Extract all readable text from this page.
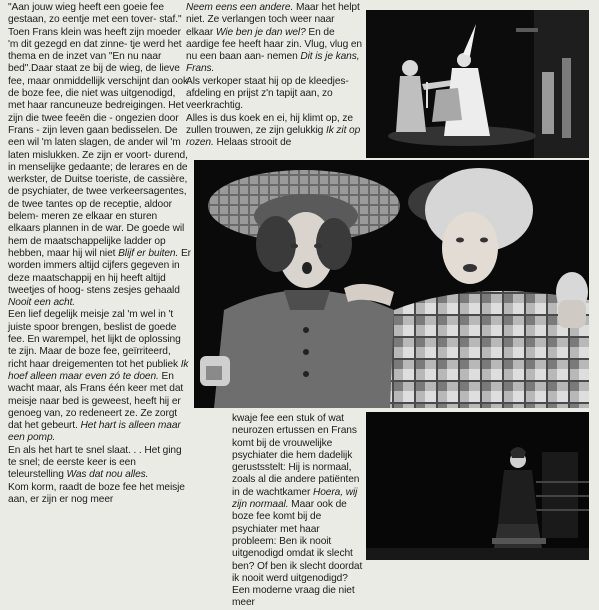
"Aan jouw wieg heeft een goeie fee gestaan, zo eentje met een tover- staf." Toen Frans klein was heeft zijn moeder 'm dit gezegd en dat zinne- tje werd het thema en de inzet van "En nu naar bed".Daar staat ze bij de wieg, de lieve fee, maar onmiddellijk verschijnt dan ook de boze fee, die niet was uitgenodigd, met haar rancuneuze bedreigingen. Het zijn die twee feeën die - ongezien door Frans - zijn leven gaan bedisselen. De een wil 'm laten slagen, de ander wil 'm laten mislukken. Ze zijn er voort- durend, in menselijke gedaante; de lerares en de werkster, de Duitse toeriste, de cassière, de psychiater, de twee verkeersagentes, de twee tantes op de receptie, aldoor belem- meren ze elkaar en sturen elkaars plannen in de war. De goede wil hem de maatschappelijke ladder op hebben, maar hij wil niet Blijf er buiten. Er worden immers altijd cijfers gegeven in deze maatschappij en hij heeft altijd tweetjes of hoog- stens zesjes gehaald Nooit een acht.
Een lief degelijk meisje zal 'm wel in 't juiste spoor brengen, beslist de goede fee. En warempel, het lijkt de oplossing te zijn. Maar de boze fee, geïrriteerd, richt haar dreigementen tot het publiek Ik hoef alleen maar even zó te doen. En wacht maar, als Frans één keer met dat meisje naar bed is geweest, heeft hij er genoeg van, zo redeneert ze. Ze zorgt dat het gebeurt. Het hart is alleen maar een pomp.
En als het hart te snel slaat. . . Het ging te snel; de eerste keer is een teleurstelling Was dat nou alles.
Kom korm, raadt de boze fee het meisje aan, er zijn er nog meer

Neem eens een andere. Maar het helpt niet. Ze verlangen toch weer naar elkaar Wie ben je dan wel? En de aardige fee heeft haar zin. Vlug, vlug en nu een baan aan- nemen Dit is je kans, Frans.
Als verkoper staat hij op de kleedjes- afdeling en prijst z'n tapijt aan, zo veerkrachtig.
Alles is dus koek en ei, hij klimt op, ze zullen trouwen, ze zijn gelukkig Ik zit op rozen. Helaas strooit de

kwaje fee een stuk of wat neurozen ertussen en Frans komt bij de vrouwelijke psychiater die hem dadelijk gerustsstelt: Hij is normaal, zoals al die andere patiënten in de wachtkamer Hoera, wij zijn normaal. Maar ook de boze fee komt bij de psychiater met haar probleem: Ben ik nooit uitgenodigd omdat ik slecht ben? Of ben ik slecht doordat ik nooit werd uitgenodigd?
Een moderne vraag die niet meer
